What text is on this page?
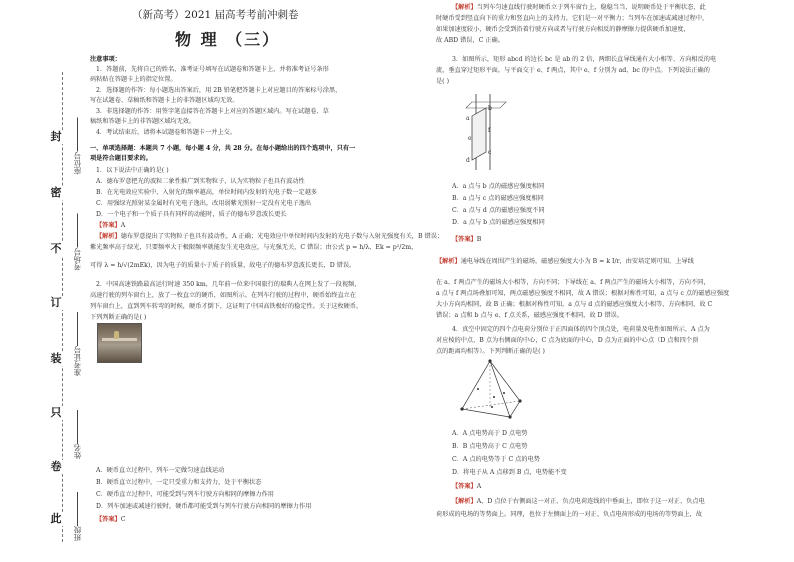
封
密
不
订
装
只
卷
此
座位号
考场号
准考证号
姓名
班级
（新高考）2021 届高考考前冲刺卷
物 理 （三）
注意事项：
1．答题前，先将自己的姓名、准考证号填写在试题卷和答题卡上，并将准考证号条形
码粘贴在答题卡上的指定位置。
2．选择题的作答：每小题选出答案后，用 2B 铅笔把答题卡上对应题目的答案标号涂黑，
写在试题卷、草稿纸和答题卡上的非答题区域均无效。
3．非选择题的作答：用签字笔直接答在答题卡上对应的答题区域内。写在试题卷、草
稿纸和答题卡上的非答题区域均无效。
4．考试结束后，请将本试题卷和答题卡一并上交。
一、单项选择题：本题共 7 小题，每小题 4 分，共 28 分。在每小题给出的四个选项中，只有一
项是符合题目要求的。
1．以下说法中正确的是( )
A．德布罗意把光的波粒二象性推广到实物粒子，认为实物粒子也具有波动性
B．在光电效应实验中，入射光的频率越高，单位时间内发射的光电子数一定越多
C．用强绿光照射某金属时有光电子逸出，改用弱紫光照射一定没有光电子逸出
D．一个电子和一个质子具有同样的动能时，质子的德布罗意波长更长
【答案】A
【解析】德布罗意提出了实物粒子也具有波动性，A 正确；光电效应中单位时间内发射的光电子数与入射光强度有关，B 错误；
紫光频率高于绿光，只要频率大于极限频率就能发生光电效应，与光强无关，C 错误；由公式 p = h/λ，Ek = p²/2m，
可得 λ = h/√(2mEk)，因为电子的质量小于质子的质量，故电子的德布罗意波长更长，D 错误。
2．中国高速铁路最高运行时速 350 km，几年前一位来中国旅行的瑞典人在网上发了一段视频，
高速行驶的列车窗台上，放了一枚直立的硬币，如图所示。在列车行驶的过程中，硬币始终直立在
列车窗台上，直到列车转弯的时候，硬币才倒下，这证明了中国高铁极好的稳定性。关于这枚硬币，
下列判断正确的是( )
A．硬币直立过程中，列车一定做匀速直线运动
B．硬币直立过程中，一定只受重力和支持力，处于平衡状态
C．硬币直立过程中，可能受到与列车行驶方向相同的摩擦力作用
D．列车加速或减速行驶时，硬币都可能受到与列车行驶方向相同的摩擦力作用
【答案】C
【解析】当列车匀速直线行驶时硬币立于列车窗台上，稳稳当当，说明硬币处于平衡状态，此
时硬币受到竖直向下的重力和竖直向上的支持力，它们是一对平衡力；当列车在加速或减速过程中，
如果加速度较小，硬币会受到沿着行驶方向或者与行驶方向相反的静摩擦力提供硬币加速度，
故 ABD 错误，C 正确。
3．如图所示，矩形 abcd 的边长 bc 是 ab 的 2 倍，两细长直导线通有大小相等、方向相反的电
流，垂直穿过矩形平面，与平面交于 e、f 两点，其中 e、f 分别为 ad、bc 的中点。下列说法正确的
是( )
a
b
c
d
e
f
A．a 点与 b 点的磁感应强度相同
B．a 点与 c 点的磁感应强度相同
C．a 点与 d 点的磁感应强度不同
D．a 点与 b 点的磁感应强度相同
【答案】B
【解析】通电导线在周围产生的磁场，磁感应强度大小为 B = k I/r，由安培定则可知，上导线
在 a、f 两点产生的磁场大小相等，方向不同；下导线在 a、f 两点产生的磁场大小相等，方向不同，
a 点与 f 两点场叠加可知，两点磁感应强度不相同，故 A 错误；根据对称性可知，a 点与 c 点的磁感应强度
大小方向均相同，故 B 正确；根据对称性可知，a 点与 d 点的磁感应强度大小相等，方向相同，故 C
错误；a 点和 b 点与 e、f 点关系，磁感应强度不相同，故 D 错误。
4．真空中固定的四个点电荷分别位于正四面体的四个顶点处，电荷量及电性如图所示，A 点为
对应棱的中点，B 点为右侧面的中心，C 点为底面的中心，D 点为正面的中心点（D 点和四个顶
点的距离均相等）。下列判断正确的是( )
A．A 点电势高于 D 点电势
B．B 点电势高于 C 点电势
C．A 点的电势等于 C 点的电势
D．将电子从 A 点移到 B 点，电势能不变
【答案】A
【解析】A、D 点位于右侧面这一对正、负点电荷连线的中垂面上，即位于这一对正、负点电
荷形成的电场的等势面上。同理，也位于左侧面上的一对正、负点电荷形成的电场的等势面上，故
